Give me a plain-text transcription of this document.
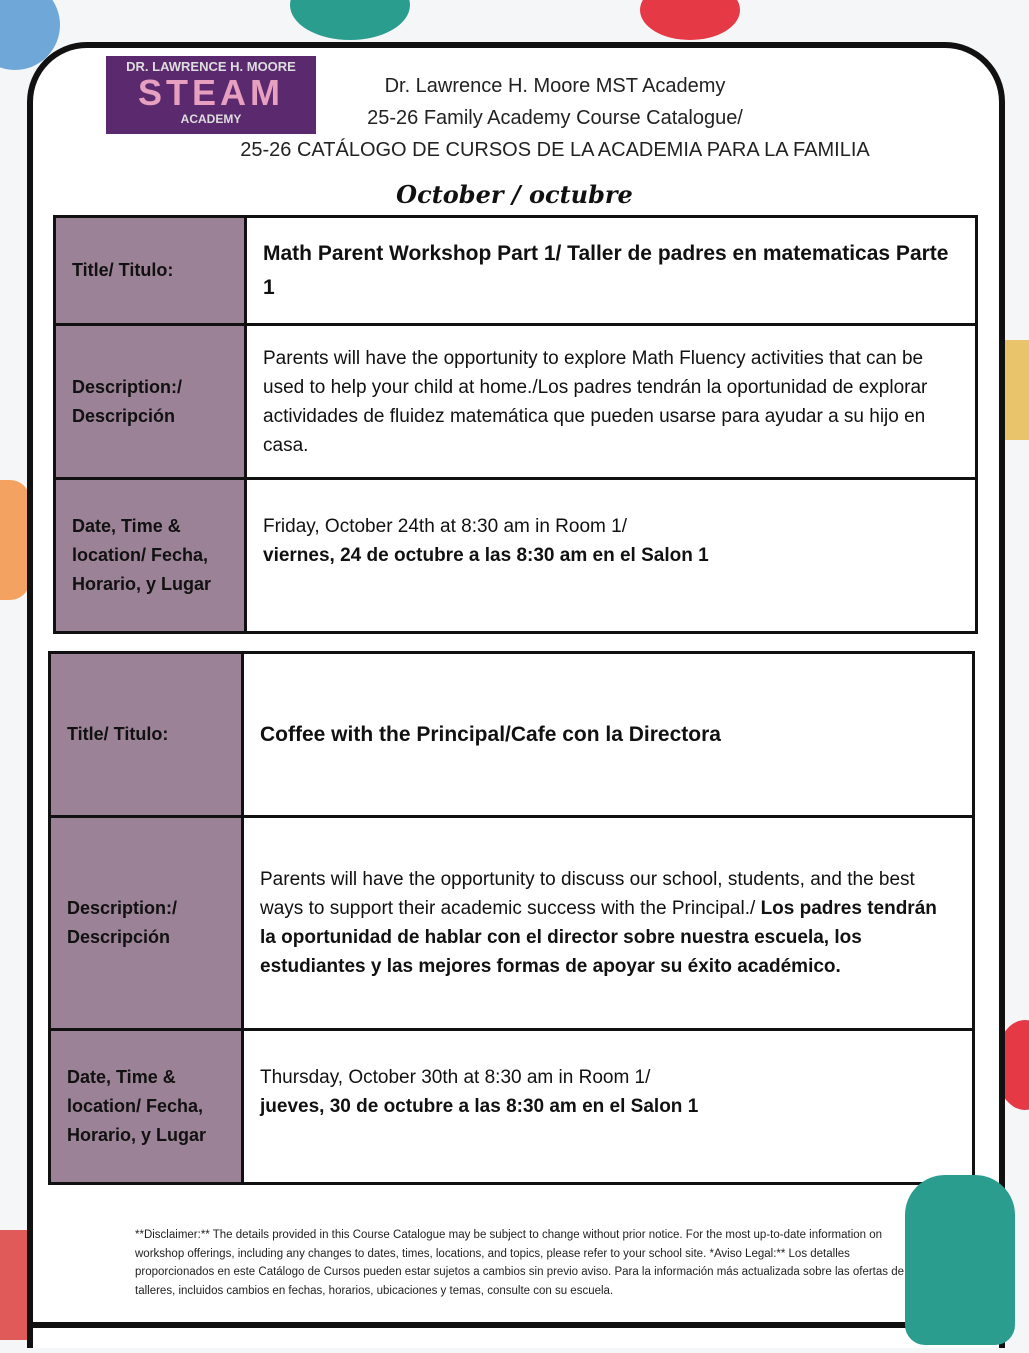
DR. LAWRENCE H. MOORE
STEAM
ACADEMY
Dr. Lawrence H. Moore MST Academy
25-26 Family Academy Course Catalogue/
25-26 CATÁLOGO DE CURSOS DE LA ACADEMIA PARA LA FAMILIA
October / octubre
Title/ Titulo:	Math Parent Workshop Part 1/ Taller de padres en matematicas Parte 1
Description:/ Descripción	Parents will have the opportunity to explore Math Fluency activities that can be used to help your child at home./Los padres tendrán la oportunidad de explorar actividades de fluidez matemática que pueden usarse para ayudar a su hijo en casa.
Date, Time & location/ Fecha, Horario, y Lugar	Friday, October 24th at 8:30 am in Room 1/
viernes, 24 de octubre a las 8:30 am en el Salon 1
Title/ Titulo:	Coffee with the Principal/Cafe con la Directora
Description:/ Descripción	Parents will have the opportunity to discuss our school, students, and the best ways to support their academic success with the Principal./ Los padres tendrán la oportunidad de hablar con el director sobre nuestra escuela, los estudiantes y las mejores formas de apoyar su éxito académico.
Date, Time & location/ Fecha, Horario, y Lugar	Thursday, October 30th at 8:30 am in Room 1/
jueves, 30 de octubre a las 8:30 am en el Salon 1
**Disclaimer:** The details provided in this Course Catalogue may be subject to change without prior notice. For the most up-to-date information on workshop offerings, including any changes to dates, times, locations, and topics, please refer to your school site. *Aviso Legal:** Los detalles proporcionados en este Catálogo de Cursos pueden estar sujetos a cambios sin previo aviso. Para la información más actualizada sobre las ofertas de talleres, incluidos cambios en fechas, horarios, ubicaciones y temas, consulte con su escuela.
